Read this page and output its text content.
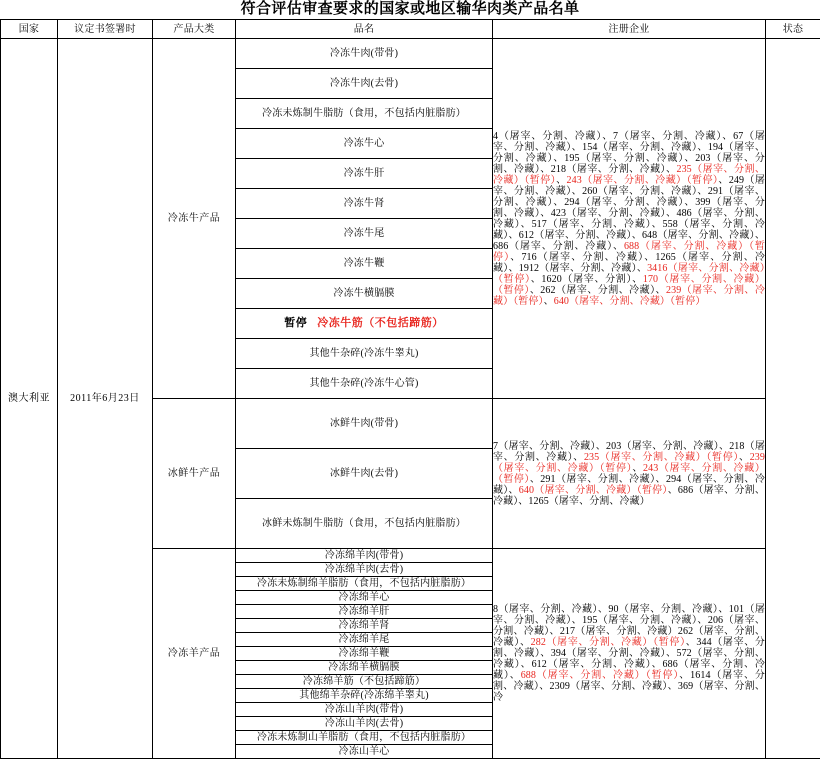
符合评估审查要求的国家或地区输华肉类产品名单
国家	议定书签署时	产品大类	品名	注册企业	状态
澳大利亚	2011年6月23日	冷冻牛产品	冷冻牛肉(带骨)	4（屠宰、分割、冷藏）、7（屠宰、分割、冷藏）、67（屠宰、分割、冷藏）、154（屠宰、分割、冷藏）、194（屠宰、分割、冷藏）、195（屠宰、分割、冷藏）、203（屠宰、分割、冷藏）、218（屠宰、分割、冷藏）、235（屠宰、分割、冷藏）（暂停）、243（屠宰、分割、冷藏）（暂停）、249（屠宰、分割、冷藏）、260（屠宰、分割、冷藏）、291（屠宰、分割、冷藏）、294（屠宰、分割、冷藏）、399（屠宰、分割、冷藏）、423（屠宰、分割、冷藏）、486（屠宰、分割、冷藏）、517（屠宰、分割、冷藏）、558（屠宰、分割、冷藏）、612（屠宰、分割、冷藏）、648（屠宰、分割、冷藏）、686（屠宰、分割、冷藏）、688（屠宰、分割、冷藏）（暂停）、716（屠宰、分割、冷藏）、1265（屠宰、分割、冷藏）、1912（屠宰、分割、冷藏）、3416（屠宰、分割、冷藏）（暂停）、1620（屠宰、分割）、170（屠宰、分割、冷藏）（暂停）、262（屠宰、分割、冷藏）、239（屠宰、分割、冷藏）（暂停）、640（屠宰、分割、冷藏）（暂停）	
			冷冻牛肉(去骨)		
			冷冻未炼制牛脂肪（食用，不包括内脏脂肪）		
			冷冻牛心		
			冷冻牛肝		
			冷冻牛肾		
			冷冻牛尾		
			冷冻牛鞭		
			冷冻牛横膈膜		
			暂停 冷冻牛筋（不包括蹄筋）		
			其他牛杂碎(冷冻牛睾丸)		
			其他牛杂碎(冷冻牛心管)		
		冰鲜牛产品	冰鲜牛肉(带骨)	7（屠宰、分割、冷藏）、203（屠宰、分割、冷藏）、218（屠宰、分割、冷藏）、235（屠宰、分割、冷藏）（暂停）、239（屠宰、分割、冷藏）（暂停）、243（屠宰、分割、冷藏）（暂停）、291（屠宰、分割、冷藏）、294（屠宰、分割、冷藏）、640（屠宰、分割、冷藏）（暂停）、686（屠宰、分割、冷藏）、1265（屠宰、分割、冷藏）	
			冰鲜牛肉(去骨)		
			冰鲜未炼制牛脂肪（食用，不包括内脏脂肪）		
		冷冻羊产品	冷冻绵羊肉(带骨)	8（屠宰、分割、冷藏）、90（屠宰、分割、冷藏）、101（屠宰、分割、冷藏）、195（屠宰、分割、冷藏）、206（屠宰、分割、冷藏）、217（屠宰、分割、冷藏）262（屠宰、分割、冷藏）、282（屠宰、分割、冷藏）（暂停）、344（屠宰、分割、冷藏）、394（屠宰、分割、冷藏）、572（屠宰、分割、冷藏）、612（屠宰、分割、冷藏）、686（屠宰、分割、冷藏）、688（屠宰、分割、冷藏）（暂停）、1614（屠宰、分割、冷藏）、2309（屠宰、分割、冷藏）、369（屠宰、分割、冷	
			冷冻绵羊肉(去骨)		
			冷冻未炼制绵羊脂肪（食用，不包括内脏脂肪）		
			冷冻绵羊心		
			冷冻绵羊肝		
			冷冻绵羊肾		
			冷冻绵羊尾		
			冷冻绵羊鞭		
			冷冻绵羊横膈膜		
			冷冻绵羊筋（不包括蹄筋）		
			其他绵羊杂碎(冷冻绵羊睾丸)		
			冷冻山羊肉(带骨)		
			冷冻山羊肉(去骨)		
			冷冻未炼制山羊脂肪（食用，不包括内脏脂肪）		
			冷冻山羊心		
